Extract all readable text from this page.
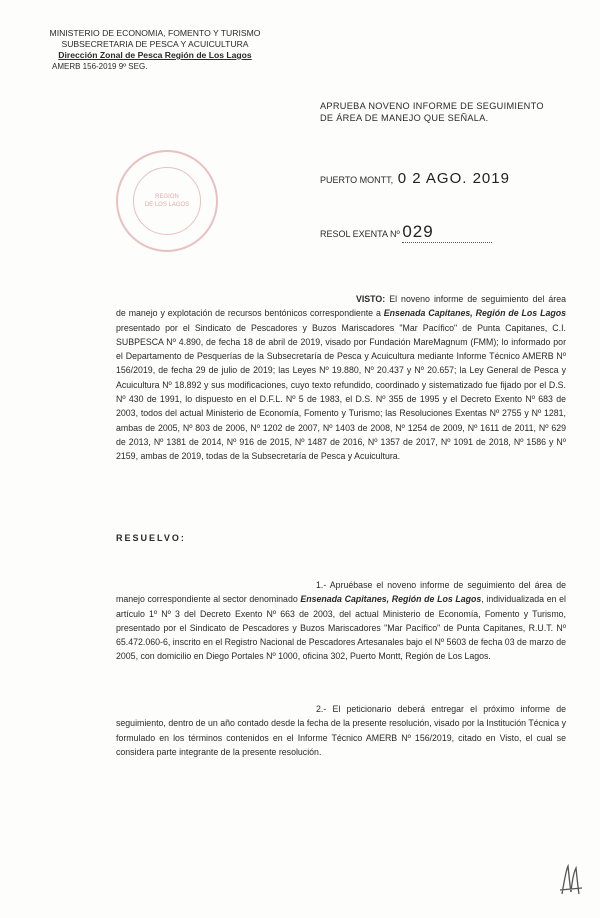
MINISTERIO DE ECONOMIA, FOMENTO Y TURISMO
SUBSECRETARIA DE PESCA Y ACUICULTURA
Dirección Zonal de Pesca Región de Los Lagos
AMERB 156-2019 9º SEG.
APRUEBA NOVENO INFORME DE SEGUIMIENTO DE ÁREA DE MANEJO QUE SEÑALA.
REGION
DE LOS LAGOS
PUERTO MONTT, 0 2 AGO. 2019
RESOL EXENTA Nº 029
VISTO: El noveno informe de seguimiento del área de manejo y explotación de recursos bentónicos correspondiente a Ensenada Capitanes, Región de Los Lagos presentado por el Sindicato de Pescadores y Buzos Mariscadores "Mar Pacífico" de Punta Capitanes, C.I. SUBPESCA Nº 4.890, de fecha 18 de abril de 2019, visado por Fundación MareMagnum (FMM); lo informado por el Departamento de Pesquerías de la Subsecretaría de Pesca y Acuicultura mediante Informe Técnico AMERB Nº 156/2019, de fecha 29 de julio de 2019; las Leyes Nº 19.880, Nº 20.437 y Nº 20.657; la Ley General de Pesca y Acuicultura Nº 18.892 y sus modificaciones, cuyo texto refundido, coordinado y sistematizado fue fijado por el D.S. Nº 430 de 1991, lo dispuesto en el D.F.L. Nº 5 de 1983, el D.S. Nº 355 de 1995 y el Decreto Exento Nº 683 de 2003, todos del actual Ministerio de Economía, Fomento y Turismo; las Resoluciones Exentas Nº 2755 y Nº 1281, ambas de 2005, Nº 803 de 2006, Nº 1202 de 2007, Nº 1403 de 2008, Nº 1254 de 2009, Nº 1611 de 2011, Nº 629 de 2013, Nº 1381 de 2014, Nº 916 de 2015, Nº 1487 de 2016, Nº 1357 de 2017, Nº 1091 de 2018, Nº 1586 y Nº 2159, ambas de 2019, todas de la Subsecretaría de Pesca y Acuicultura.
RESUELVO:
1.- Apruébase el noveno informe de seguimiento del área de manejo correspondiente al sector denominado Ensenada Capitanes, Región de Los Lagos, individualizada en el artículo 1º Nº 3 del Decreto Exento Nº 663 de 2003, del actual Ministerio de Economía, Fomento y Turismo, presentado por el Sindicato de Pescadores y Buzos Mariscadores "Mar Pacífico" de Punta Capitanes, R.U.T. Nº 65.472.060-6, inscrito en el Registro Nacional de Pescadores Artesanales bajo el Nº 5603 de fecha 03 de marzo de 2005, con domicilio en Diego Portales Nº 1000, oficina 302, Puerto Montt, Región de Los Lagos.
2.- El peticionario deberá entregar el próximo informe de seguimiento, dentro de un año contado desde la fecha de la presente resolución, visado por la Institución Técnica y formulado en los términos contenidos en el Informe Técnico AMERB Nº 156/2019, citado en Visto, el cual se considera parte integrante de la presente resolución.
